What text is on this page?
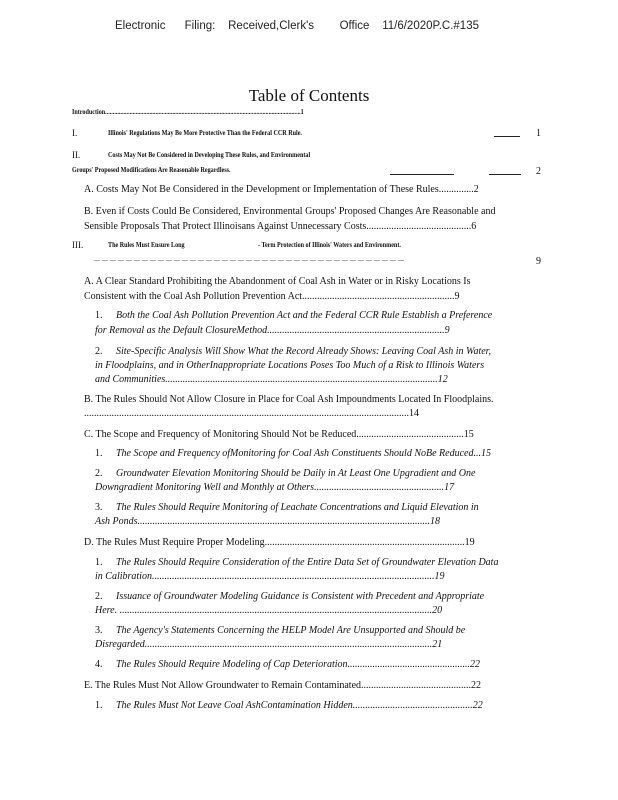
Electronic      Filing:    Received,Clerk's        Office    11/6/2020P.C.#135
Table of Contents
Introduction................................................................................................................................1
I.	Illinois' Regulations May Be More Protective Than the Federal CCR Rule.	1
II.	Costs May Not Be Considered in Developing These Rules, and Environmental
Groups' Proposed Modifications Are Reasonable Regardless.	2
A. Costs May Not Be Considered in the Development or Implementation of These Rules..............2
B. Even if Costs Could Be Considered, Environmental Groups' Proposed Changes Are Reasonable and
Sensible Proposals That Protect Illinoisans Against Unnecessary Costs..........................................6
III.	The Rules Must Ensure Long	- Term Protection of Illinois' Waters and Environment.
... ... ... ... ... ... ... ... ... ... ... ... ... ... ... ... ... ... ... ... ... ... ... ... ... ... ... ... ... ... ... ... ... ... ... ... ... ... ...	9
A. A Clear Standard Prohibiting the Abandonment of Coal Ash in Water or in Risky Locations Is
Consistent with the Coal Ash Pollution Prevention Act.............................................................9
1. Both the Coal Ash Pollution Prevention Act and the Federal CCR Rule Establish a Preference
for Removal as the Default ClosureMethod.......................................................................9
2. Site-Specific Analysis Will Show What the Record Already Shows: Leaving Coal Ash in Water,
in Floodplains, and in OtherInappropriate Locations Poses Too Much of a Risk to Illinois Waters
and Communities.............................................................................................................12
B. The Rules Should Not Allow Closure in Place for Coal Ash Impoundments Located In Floodplains.
..................................................................................................................................14
C. The Scope and Frequency of Monitoring Should Not be Reduced...........................................15
1. The Scope and Frequency ofMonitoring for Coal Ash Constituents Should NoBe Reduced...15
2. Groundwater Elevation Monitoring Should be Daily in At Least One Upgradient and One
Downgradient Monitoring Well and Monthly at Others....................................................17
3. The Rules Should Require Monitoring of Leachate Concentrations and Liquid Elevation in
Ash Ponds.....................................................................................................................18
D. The Rules Must Require Proper Modeling................................................................................19
1. The Rules Should Require Consideration of the Entire Data Set of Groundwater Elevation Data
in Calibration.................................................................................................................19
2. Issuance of Groundwater Modeling Guidance is Consistent with Precedent and Appropriate
Here. .............................................................................................................................20
3. The Agency's Statements Concerning the HELP Model Are Unsupported and Should be
Disregarded...................................................................................................................21
4. The Rules Should Require Modeling of Cap Deterioration.................................................22
E. The Rules Must Not Allow Groundwater to Remain Contaminated............................................22
1. The Rules Must Not Leave Coal AshContamination Hidden................................................22
